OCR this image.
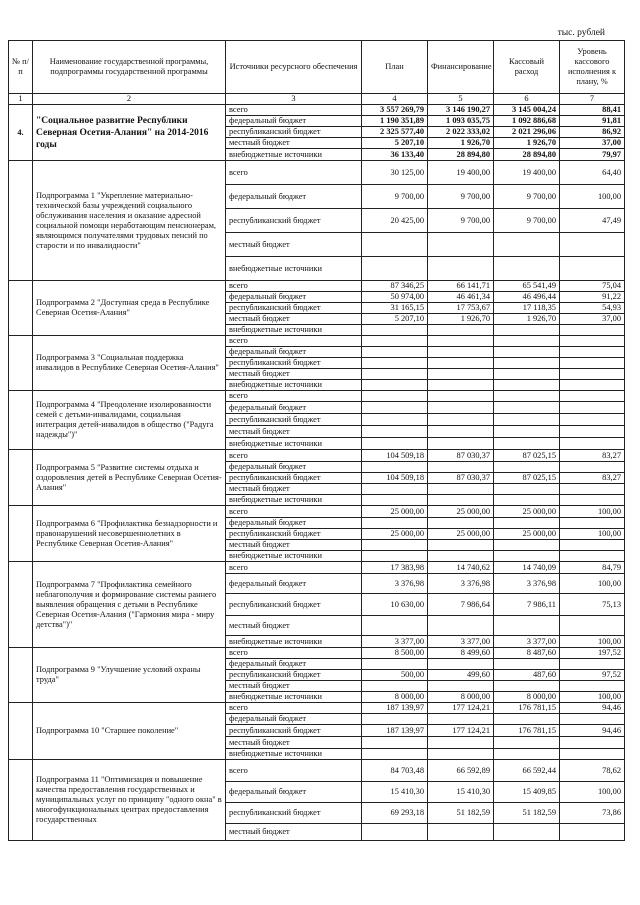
тыс. рублей
№ п/п	Наименование государственной программы, подпрограммы государственной программы	Источники ресурсного обеспечения	План	Финансирование	Кассовый расход	Уровень кассового исполнения к плану, %
1	2	3	4	5	6	7
4.	"Социальное развитие Республики Северная Осетия-Алания" на 2014-2016 годы	всего	3 557 269,79	3 146 190,27	3 145 004,24	88,41
		федеральный бюджет	1 190 351,89	1 093 035,75	1 092 886,68	91,81
		республиканский бюджет	2 325 577,40	2 022 333,02	2 021 296,06	86,92
		местный бюджет	5 207,10	1 926,70	1 926,70	37,00
		внебюджетные источники	36 133,40	28 894,80	28 894,80	79,97
	Подпрограмма 1 "Укрепление материально-технической базы учреждений социального обслуживания населения и оказание адресной социальной помощи неработающим пенсионерам, являющимся получателями трудовых пенсий по старости и по инвалидности"	всего	30 125,00	19 400,00	19 400,00	64,40
		федеральный бюджет	9 700,00	9 700,00	9 700,00	100,00
		республиканский бюджет	20 425,00	9 700,00	9 700,00	47,49
		местный бюджет				
		внебюджетные источники				
	Подпрограмма 2 "Доступная среда в Республике Северная Осетия-Алания"	всего	87 346,25	66 141,71	65 541,49	75,04
		федеральный бюджет	50 974,00	46 461,34	46 496,44	91,22
		республиканский бюджет	31 165,15	17 753,67	17 118,35	54,93
		местный бюджет	5 207,10	1 926,70	1 926,70	37,00
		внебюджетные источники				
	Подпрограмма 3 "Социальная поддержка инвалидов в Республике Северная Осетия-Алания"	всего				
		федеральный бюджет				
		республиканский бюджет				
		местный бюджет				
		внебюджетные источники				
	Подпрограмма 4 "Преодоление изолированности семей с детьми-инвалидами, социальная интеграция детей-инвалидов в общество ("Радуга надежды")"	всего				
		федеральный бюджет				
		республиканский бюджет				
		местный бюджет				
		внебюджетные источники				
	Подпрограмма 5 "Развитие системы отдыха и оздоровления детей в Республике Северная Осетия-Алания"	всего	104 509,18	87 030,37	87 025,15	83,27
		федеральный бюджет				
		республиканский бюджет	104 509,18	87 030,37	87 025,15	83,27
		местный бюджет				
		внебюджетные источники				
	Подпрограмма 6 "Профилактика безнадзорности и правонарушений несовершеннолетних в Республике Северная Осетия-Алания"	всего	25 000,00	25 000,00	25 000,00	100,00
		федеральный бюджет				
		республиканский бюджет	25 000,00	25 000,00	25 000,00	100,00
		местный бюджет				
		внебюджетные источники				
	Подпрограмма 7 "Профилактика семейного неблагополучия и формирование системы раннего выявления обращения с детьми в Республике Северная Осетия-Алания ("Гармония мира - миру детства")"	всего	17 383,98	14 740,62	14 740,09	84,79
		федеральный бюджет	3 376,98	3 376,98	3 376,98	100,00
		республиканский бюджет	10 630,00	7 986,64	7 986,11	75,13
		местный бюджет				
		внебюджетные источники	3 377,00	3 377,00	3 377,00	100,00
	Подпрограмма 9 "Улучшение условий охраны труда"	всего	8 500,00	8 499,60	8 487,60	197,52
		федеральный бюджет				
		республиканский бюджет	500,00	499,60	487,60	97,52
		местный бюджет				
		внебюджетные источники	8 000,00	8 000,00	8 000,00	100,00
	Подпрограмма 10 "Старшее поколение"	всего	187 139,97	177 124,21	176 781,15	94,46
		федеральный бюджет				
		республиканский бюджет	187 139,97	177 124,21	176 781,15	94,46
		местный бюджет				
		внебюджетные источники				
	Подпрограмма 11 "Оптимизация и повышение качества предоставления государственных и муниципальных услуг по принципу "одного окна" в многофункциональных центрах предоставления государственных	всего	84 703,48	66 592,89	66 592,44	78,62
		федеральный бюджет	15 410,30	15 410,30	15 409,85	100,00
		республиканский бюджет	69 293,18	51 182,59	51 182,59	73,86
		местный бюджет				
